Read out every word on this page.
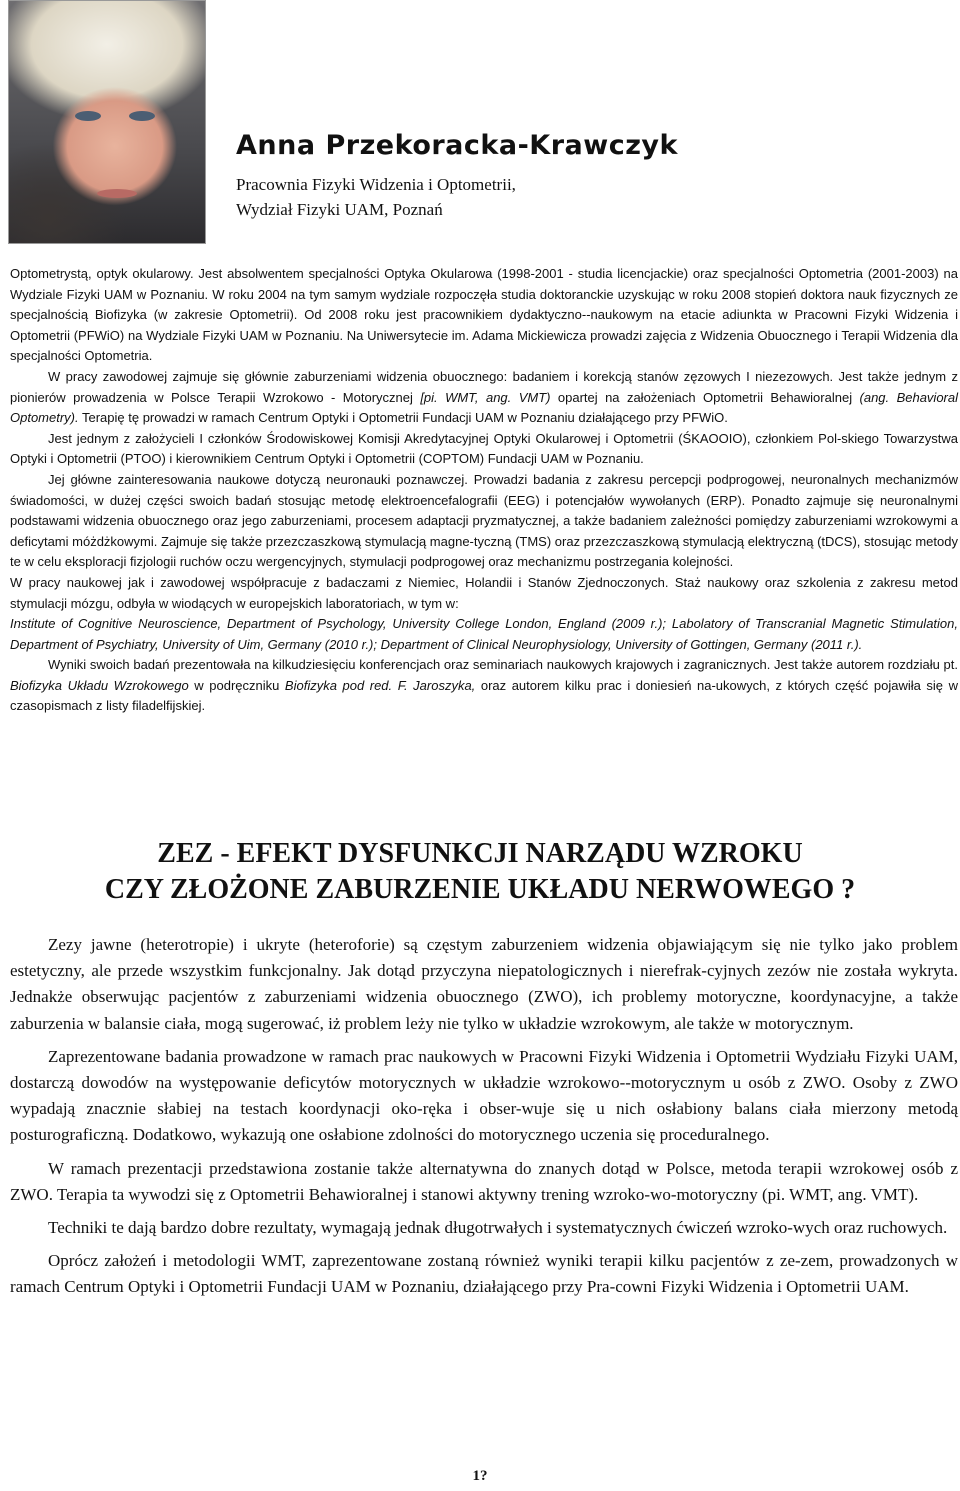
Anna Przekoracka-Krawczyk
Pracownia Fizyki Widzenia i Optometrii,
Wydział Fizyki UAM, Poznań

Optometrystą, optyk okularowy. Jest absolwentem specjalności Optyka Okularowa (1998-2001 - studia licencjackie) oraz specjalności Optometria (2001-2003) na Wydziale Fizyki UAM w Poznaniu. W roku 2004 na tym samym wydziale rozpoczęła studia doktoranckie uzyskując w roku 2008 stopień doktora nauk fizycznych ze specjalnością Biofizyka (w zakresie Optometrii). Od 2008 roku jest pracownikiem dydaktyczno--naukowym na etacie adiunkta w Pracowni Fizyki Widzenia i Optometrii (PFWiO) na Wydziale Fizyki UAM w Poznaniu. Na Uniwersytecie im. Adama Mickiewicza prowadzi zajęcia z Widzenia Obuocznego i Terapii Widzenia dla specjalności Optometria.

W pracy zawodowej zajmuje się głównie zaburzeniami widzenia obuocznego: badaniem i korekcją stanów zęzowych I niezezowych. Jest także jednym z pionierów prowadzenia w Polsce Terapii Wzrokowo - Motorycznej [pi. WMT, ang. VMT) opartej na założeniach Optometrii Behawioralnej (ang. Behavioral Optometry). Terapię tę prowadzi w ramach Centrum Optyki i Optometrii Fundacji UAM w Poznaniu działającego przy PFWiO.

Jest jednym z założycieli I członków Środowiskowej Komisji Akredytacyjnej Optyki Okularowej i Optometrii (ŚKAOOIO), członkiem Pol-skiego Towarzystwa Optyki i Optometrii (PTOO) i kierownikiem Centrum Optyki i Optometrii (COPTOM) Fundacji UAM w Poznaniu.

Jej główne zainteresowania naukowe dotyczą neuronauki poznawczej. Prowadzi badania z zakresu percepcji podprogowej, neuronalnych mechanizmów świadomości, w dużej części swoich badań stosując metodę elektroencefalografii (EEG) i potencjałów wywołanych (ERP). Ponadto zajmuje się neuronalnymi podstawami widzenia obuocznego oraz jego zaburzeniami, procesem adaptacji pryzmatycznej, a także badaniem zależności pomiędzy zaburzeniami wzrokowymi a deficytami móżdżkowymi. Zajmuje się także przezczaszkową stymulacją magne-tyczną (TMS) oraz przezczaszkową stymulacją elektryczną (tDCS), stosując metody te w celu eksploracji fizjologii ruchów oczu wergencyjnych, stymulacji podprogowej oraz mechanizmu postrzegania kolejności.

W pracy naukowej jak i zawodowej współpracuje z badaczami z Niemiec, Holandii i Stanów Zjednoczonych. Staż naukowy oraz szkolenia z zakresu metod stymulacji mózgu, odbyła w wiodących w europejskich laboratoriach, w tym w:

Institute of Cognitive Neuroscience, Department of Psychology, University College London, England (2009 r.); Labolatory of Transcranial Magnetic Stimulation, Department of Psychiatry, University of Uim, Germany (2010 r.); Department of Clinical Neurophysiology, University of Gottingen, Germany (2011 r.).

Wyniki swoich badań prezentowała na kilkudziesięciu konferencjach oraz seminariach naukowych krajowych i zagranicznych. Jest także autorem rozdziału pt. Biofizyka Układu Wzrokowego w podręczniku Biofizyka pod red. F. Jaroszyka, oraz autorem kilku prac i doniesień na-ukowych, z których część pojawiła się w czasopismach z listy filadelfijskiej.

ZEZ - EFEKT DYSFUNKCJI NARZĄDU WZROKU
CZY ZŁOŻONE ZABURZENIE UKŁADU NERWOWEGO ?

Zezy jawne (heterotropie) i ukryte (heteroforie) są częstym zaburzeniem widzenia objawiającym się nie tylko jako problem estetyczny, ale przede wszystkim funkcjonalny. Jak dotąd przyczyna niepatologicznych i nierefrak-cyjnych zezów nie została wykryta. Jednakże obserwując pacjentów z zaburzeniami widzenia obuocznego (ZWO), ich problemy motoryczne, koordynacyjne, a także zaburzenia w balansie ciała, mogą sugerować, iż problem leży nie tylko w układzie wzrokowym, ale także w motorycznym.

Zaprezentowane badania prowadzone w ramach prac naukowych w Pracowni Fizyki Widzenia i Optometrii Wydziału Fizyki UAM, dostarczą dowodów na występowanie deficytów motorycznych w układzie wzrokowo--motorycznym u osób z ZWO. Osoby z ZWO wypadają znacznie słabiej na testach koordynacji oko-ręka i obser-wuje się u nich osłabiony balans ciała mierzony metodą posturograficzną. Dodatkowo, wykazują one osłabione zdolności do motorycznego uczenia się proceduralnego.

W ramach prezentacji przedstawiona zostanie także alternatywna do znanych dotąd w Polsce, metoda terapii wzrokowej osób z ZWO. Terapia ta wywodzi się z Optometrii Behawioralnej i stanowi aktywny trening wzroko-wo-motoryczny (pi. WMT, ang. VMT).

Techniki te dają bardzo dobre rezultaty, wymagają jednak długotrwałych i systematycznych ćwiczeń wzroko-wych oraz ruchowych.

Oprócz założeń i metodologii WMT, zaprezentowane zostaną również wyniki terapii kilku pacjentów z ze-zem, prowadzonych w ramach Centrum Optyki i Optometrii Fundacji UAM w Poznaniu, działającego przy Pra-cowni Fizyki Widzenia i Optometrii UAM.

1?
